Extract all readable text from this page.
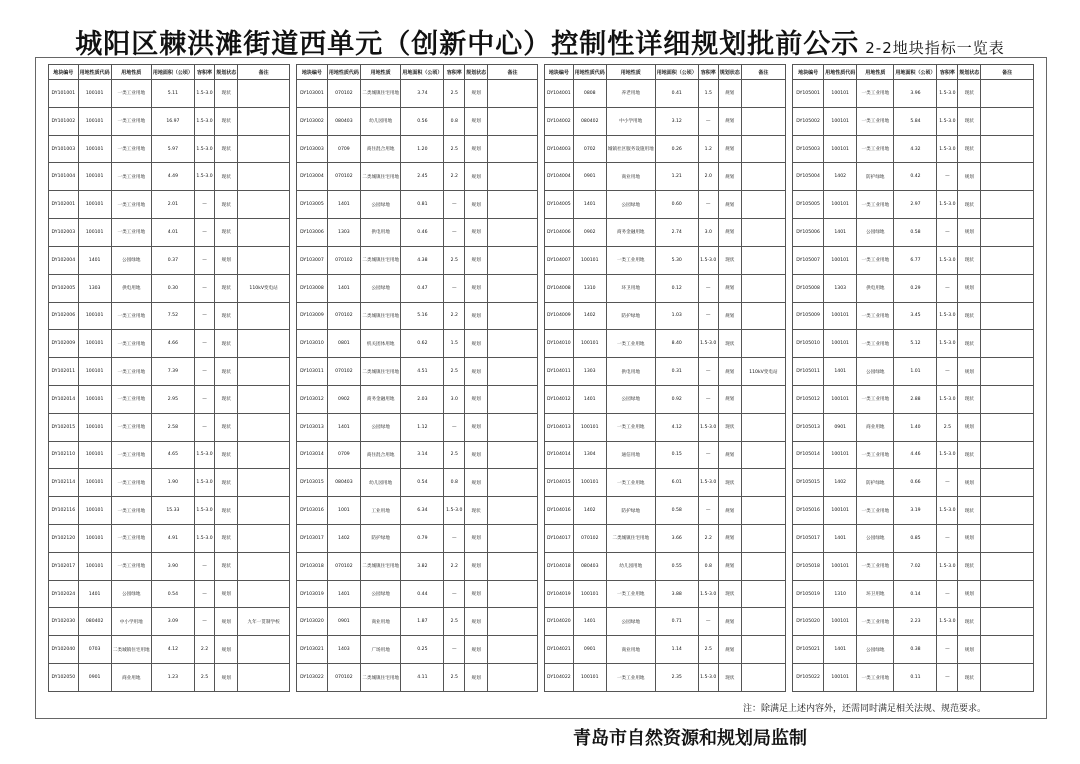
城阳区棘洪滩街道西单元（创新中心）控制性详细规划批前公示 2-2地块指标一览表
地块编号	用地性质代码	用地性质	用地面积（公顷）	容积率	规划状态	备注
DY101001	100101	一类工业用地	5.11	1.5-3.0	现状	
DY101002	100101	一类工业用地	16.97	1.5-3.0	现状	
DY101003	100101	一类工业用地	5.97	1.5-3.0	现状	
DY101004	100101	一类工业用地	4.49	1.5-3.0	现状	
DY102001	100101	一类工业用地	2.01	—	现状	
DY102003	100101	一类工业用地	4.01	—	现状	
DY102004	1401	公园绿地	0.37	—	规划	
DY102005	1303	供电用地	0.30	—	现状	110kV变电站
DY102006	100101	一类工业用地	7.52	—	现状	
DY102009	100101	一类工业用地	4.66	—	现状	
DY102011	100101	一类工业用地	7.39	—	现状	
DY102014	100101	一类工业用地	2.95	—	现状	
DY102015	100101	一类工业用地	2.58	—	现状	
DY102110	100101	一类工业用地	4.65	1.5-3.0	现状	
DY102114	100101	一类工业用地	1.90	1.5-3.0	现状	
DY102116	100101	一类工业用地	15.33	1.5-3.0	现状	
DY102120	100101	一类工业用地	4.91	1.5-3.0	现状	
DY102017	100101	一类工业用地	3.90	—	现状	
DY102024	1401	公园绿地	0.54	—	规划	
DY102030	080402	中小学用地	3.09	—	规划	九年一贯制学校
DY102040	0703	二类城镇住宅用地	4.12	2.2	规划	
DY102050	0901	商业用地	1.23	2.5	规划	
地块编号	用地性质代码	用地性质	用地面积（公顷）	容积率	规划状态	备注
DY103001	070102	二类城镇住宅用地	3.74	2.5	规划	
DY103002	080403	幼儿园用地	0.56	0.8	规划	
DY103003	0709	商住混合用地	1.20	2.5	规划	
DY103004	070102	二类城镇住宅用地	2.45	2.2	规划	
DY103005	1401	公园绿地	0.81	—	规划	
DY103006	1303	供电用地	0.46	—	规划	
DY103007	070102	二类城镇住宅用地	4.38	2.5	规划	
DY103008	1401	公园绿地	0.47	—	规划	
DY103009	070102	二类城镇住宅用地	5.16	2.2	规划	
DY103010	0801	机关团体用地	0.62	1.5	规划	
DY103011	070102	二类城镇住宅用地	4.51	2.5	规划	
DY103012	0902	商务金融用地	2.03	3.0	规划	
DY103013	1401	公园绿地	1.12	—	规划	
DY103014	0709	商住混合用地	3.14	2.5	规划	
DY103015	080403	幼儿园用地	0.54	0.8	规划	
DY103016	1001	工业用地	6.34	1.5-3.0	现状	
DY103017	1402	防护绿地	0.79	—	规划	
DY103018	070102	二类城镇住宅用地	3.82	2.2	规划	
DY103019	1401	公园绿地	0.44	—	规划	
DY103020	0901	商业用地	1.87	2.5	规划	
DY103021	1403	广场用地	0.25	—	规划	
DY103022	070102	二类城镇住宅用地	4.11	2.5	规划	
地块编号	用地性质代码	用地性质	用地面积（公顷）	容积率	规划状态	备注
DY104001	0808	养老用地	0.41	1.5	规划	
DY104002	080402	中小学用地	3.12	—	规划	
DY104003	0702	城镇社区服务设施用地	0.26	1.2	规划	
DY104004	0901	商业用地	1.21	2.0	规划	
DY104005	1401	公园绿地	0.60	—	规划	
DY104006	0902	商务金融用地	2.74	3.0	规划	
DY104007	100101	一类工业用地	5.30	1.5-3.0	现状	
DY104008	1310	环卫用地	0.12	—	规划	
DY104009	1402	防护绿地	1.03	—	规划	
DY104010	100101	一类工业用地	8.40	1.5-3.0	现状	
DY104011	1303	供电用地	0.31	—	规划	110kV变电站
DY104012	1401	公园绿地	0.92	—	规划	
DY104013	100101	一类工业用地	4.12	1.5-3.0	现状	
DY104014	1304	通信用地	0.15	—	规划	
DY104015	100101	一类工业用地	6.01	1.5-3.0	现状	
DY104016	1402	防护绿地	0.58	—	规划	
DY104017	070102	二类城镇住宅用地	3.66	2.2	规划	
DY104018	080403	幼儿园用地	0.55	0.8	规划	
DY104019	100101	一类工业用地	3.88	1.5-3.0	现状	
DY104020	1401	公园绿地	0.71	—	规划	
DY104021	0901	商业用地	1.14	2.5	规划	
DY104022	100101	一类工业用地	2.35	1.5-3.0	现状	
地块编号	用地性质代码	用地性质	用地面积（公顷）	容积率	规划状态	备注
DY105001	100101	一类工业用地	3.96	1.5-3.0	现状	
DY105002	100101	一类工业用地	5.84	1.5-3.0	现状	
DY105003	100101	一类工业用地	4.32	1.5-3.0	现状	
DY105004	1402	防护绿地	0.42	—	规划	
DY105005	100101	一类工业用地	2.97	1.5-3.0	现状	
DY105006	1401	公园绿地	0.58	—	规划	
DY105007	100101	一类工业用地	6.77	1.5-3.0	现状	
DY105008	1303	供电用地	0.29	—	规划	
DY105009	100101	一类工业用地	3.45	1.5-3.0	现状	
DY105010	100101	一类工业用地	5.12	1.5-3.0	现状	
DY105011	1401	公园绿地	1.01	—	规划	
DY105012	100101	一类工业用地	2.88	1.5-3.0	现状	
DY105013	0901	商业用地	1.40	2.5	规划	
DY105014	100101	一类工业用地	4.46	1.5-3.0	现状	
DY105015	1402	防护绿地	0.66	—	规划	
DY105016	100101	一类工业用地	3.19	1.5-3.0	现状	
DY105017	1401	公园绿地	0.85	—	规划	
DY105018	100101	一类工业用地	7.02	1.5-3.0	现状	
DY105019	1310	环卫用地	0.14	—	规划	
DY105020	100101	一类工业用地	2.23	1.5-3.0	现状	
DY105021	1401	公园绿地	0.38	—	规划	
DY105022	100101	一类工业用地	0.11	—	现状	
注：除满足上述内容外，还需同时满足相关法规、规范要求。
青岛市自然资源和规划局监制
